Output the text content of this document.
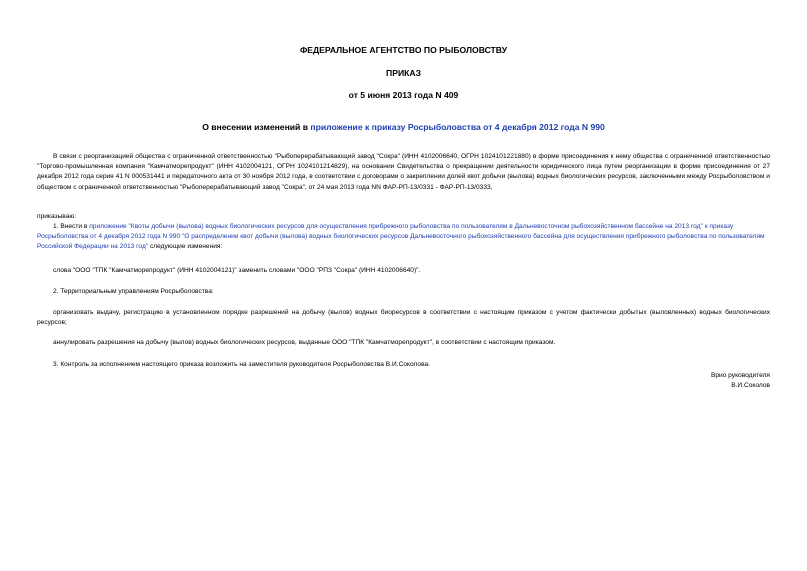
ФЕДЕРАЛЬНОЕ АГЕНТСТВО ПО РЫБОЛОВСТВУ
ПРИКАЗ
от 5 июня 2013 года N 409
О внесении изменений в приложение к приказу Росрыболовства от 4 декабря 2012 года N 990
В связи с реорганизацией общества с ограниченной ответственностью "Рыбоперерабатывающий завод "Сокра" (ИНН 4102006640, ОГРН 1024101221880) в форме присоединения к нему общества с ограниченной ответственностью "Торгово-промышленная компания "Камчатморепродукт" (ИНН 4102004121, ОГРН 1024101214829), на основании Свидетельства о прекращении деятельности юридического лица путем реорганизации в форме присоединения от 27 декабря 2012 года серия 41 N 000531441 и передаточного акта от 30 ноября 2012 года, в соответствии с договорами о закреплении долей квот добычи (вылова) водных биологических ресурсов, заключенными между Росрыболовством и обществом с ограниченной ответственностью "Рыбоперерабатывающий завод "Сокра", от 24 мая 2013 года NN ФАР-РП-13/0331 - ФАР-РП-13/0333,
приказываю:
1. Внести в приложение "Квоты добычи (вылова) водных биологических ресурсов для осуществления прибрежного рыболовства по пользователям в Дальневосточном рыбохозяйственном бассейне на 2013 год" к приказу Росрыболовства от 4 декабря 2012 года N 990 "О распределении квот добычи (вылова) водных биологических ресурсов Дальневосточного рыбохозяйственного бассейна для осуществления прибрежного рыболовства по пользователям Российской Федерации на 2013 год" следующие изменения:
слова "ООО "ТПК "Камчатморепродукт" (ИНН 4102004121)" заменить словами "ООО "РПЗ "Сокра" (ИНН 4102006640)".
2. Территориальным управлениям Росрыболовства:
организовать выдачу, регистрацию в установленном порядке разрешений на добычу (вылов) водных биоресурсов в соответствии с настоящим приказом с учетом фактически добытых (выловленных) водных биологических ресурсов;
аннулировать разрешения на добычу (вылов) водных биологических ресурсов, выданные ООО "ТПК "Камчатморепродукт", в соответствии с настоящим приказом.
3. Контроль за исполнением настоящего приказа возложить на заместителя руководителя Росрыболовства В.И.Соколова.
Врио руководителя
В.И.Соколов
